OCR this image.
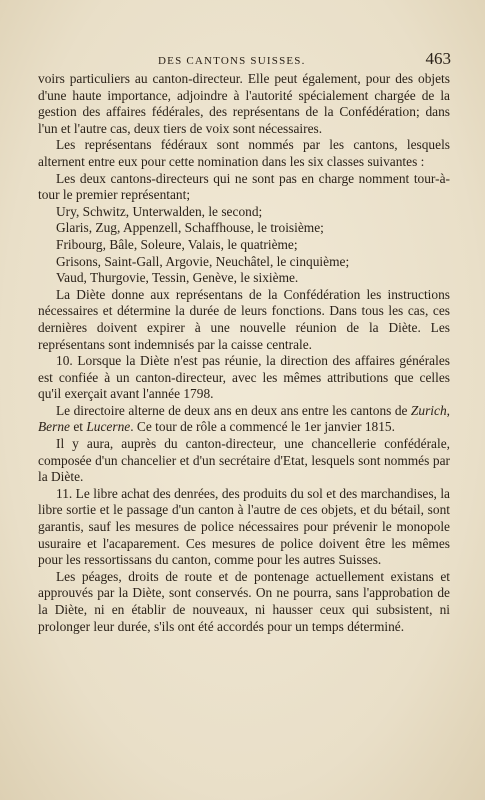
DES CANTONS SUISSES.	463

voirs particuliers au canton-directeur. Elle peut également, pour des objets d'une haute importance, adjoindre à l'autorité spécialement chargée de la gestion des affaires fédérales, des représentans de la Confédération; dans l'un et l'autre cas, deux tiers de voix sont nécessaires.

Les représentans fédéraux sont nommés par les cantons, lesquels alternent entre eux pour cette nomination dans les six classes suivantes :

Les deux cantons-directeurs qui ne sont pas en charge nomment tour-à-tour le premier représentant;

Ury, Schwitz, Unterwalden, le second;

Glaris, Zug, Appenzell, Schaffhouse, le troisième;

Fribourg, Bâle, Soleure, Valais, le quatrième;

Grisons, Saint-Gall, Argovie, Neuchâtel, le cinquième;

Vaud, Thurgovie, Tessin, Genève, le sixième.

La Diète donne aux représentans de la Confédération les instructions nécessaires et détermine la durée de leurs fonctions. Dans tous les cas, ces dernières doivent expirer à une nouvelle réunion de la Diète. Les représentans sont indemnisés par la caisse centrale.

10. Lorsque la Diète n'est pas réunie, la direction des affaires générales est confiée à un canton-directeur, avec les mêmes attributions que celles qu'il exerçait avant l'année 1798.

Le directoire alterne de deux ans en deux ans entre les cantons de Zurich, Berne et Lucerne. Ce tour de rôle a commencé le 1er janvier 1815.

Il y aura, auprès du canton-directeur, une chancellerie confédérale, composée d'un chancelier et d'un secrétaire d'Etat, lesquels sont nommés par la Diète.

11. Le libre achat des denrées, des produits du sol et des marchandises, la libre sortie et le passage d'un canton à l'autre de ces objets, et du bétail, sont garantis, sauf les mesures de police nécessaires pour prévenir le monopole usuraire et l'acaparement. Ces mesures de police doivent être les mêmes pour les ressortissans du canton, comme pour les autres Suisses.

Les péages, droits de route et de pontenage actuellement existans et approuvés par la Diète, sont conservés. On ne pourra, sans l'approbation de la Diète, ni en établir de nouveaux, ni hausser ceux qui subsistent, ni prolonger leur durée, s'ils ont été accordés pour un temps déterminé.
